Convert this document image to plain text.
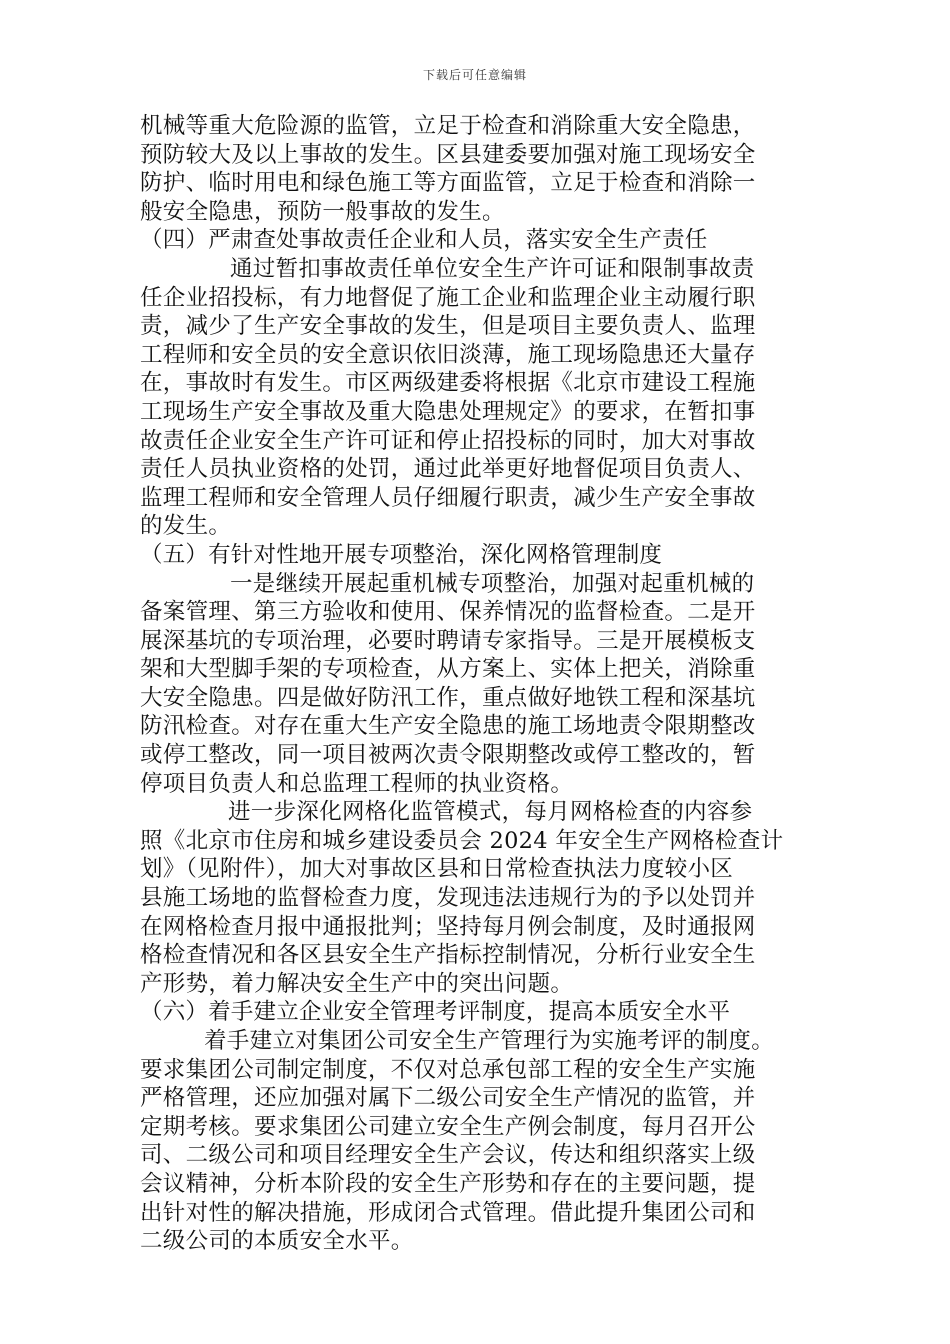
下载后可任意编辑
机械等重大危险源的监管，立足于检查和消除重大安全隐患，
预防较大及以上事故的发生。区县建委要加强对施工现场安全
防护、临时用电和绿色施工等方面监管，立足于检查和消除一
般安全隐患，预防一般事故的发生。
（四）严肃查处事故责任企业和人员，落实安全生产责任
通过暂扣事故责任单位安全生产许可证和限制事故责
任企业招投标，有力地督促了施工企业和监理企业主动履行职
责，减少了生产安全事故的发生，但是项目主要负责人、监理
工程师和安全员的安全意识依旧淡薄，施工现场隐患还大量存
在，事故时有发生。市区两级建委将根据《北京市建设工程施
工现场生产安全事故及重大隐患处理规定》的要求，在暂扣事
故责任企业安全生产许可证和停止招投标的同时，加大对事故
责任人员执业资格的处罚，通过此举更好地督促项目负责人、
监理工程师和安全管理人员仔细履行职责，减少生产安全事故
的发生。
（五）有针对性地开展专项整治，深化网格管理制度
一是继续开展起重机械专项整治，加强对起重机械的
备案管理、第三方验收和使用、保养情况的监督检查。二是开
展深基坑的专项治理，必要时聘请专家指导。三是开展模板支
架和大型脚手架的专项检查，从方案上、实体上把关，消除重
大安全隐患。四是做好防汛工作，重点做好地铁工程和深基坑
防汛检查。对存在重大生产安全隐患的施工场地责令限期整改
或停工整改，同一项目被两次责令限期整改或停工整改的，暂
停项目负责人和总监理工程师的执业资格。
进一步深化网格化监管模式，每月网格检查的内容参
照《北京市住房和城乡建设委员会 2024 年安全生产网格检查计
划》（见附件），加大对事故区县和日常检查执法力度较小区
县施工场地的监督检查力度，发现违法违规行为的予以处罚并
在网格检查月报中通报批判；坚持每月例会制度，及时通报网
格检查情况和各区县安全生产指标控制情况，分析行业安全生
产形势，着力解决安全生产中的突出问题。
（六）着手建立企业安全管理考评制度，提高本质安全水平
着手建立对集团公司安全生产管理行为实施考评的制度。
要求集团公司制定制度，不仅对总承包部工程的安全生产实施
严格管理，还应加强对属下二级公司安全生产情况的监管，并
定期考核。要求集团公司建立安全生产例会制度，每月召开公
司、二级公司和项目经理安全生产会议，传达和组织落实上级
会议精神，分析本阶段的安全生产形势和存在的主要问题，提
出针对性的解决措施，形成闭合式管理。借此提升集团公司和
二级公司的本质安全水平。
